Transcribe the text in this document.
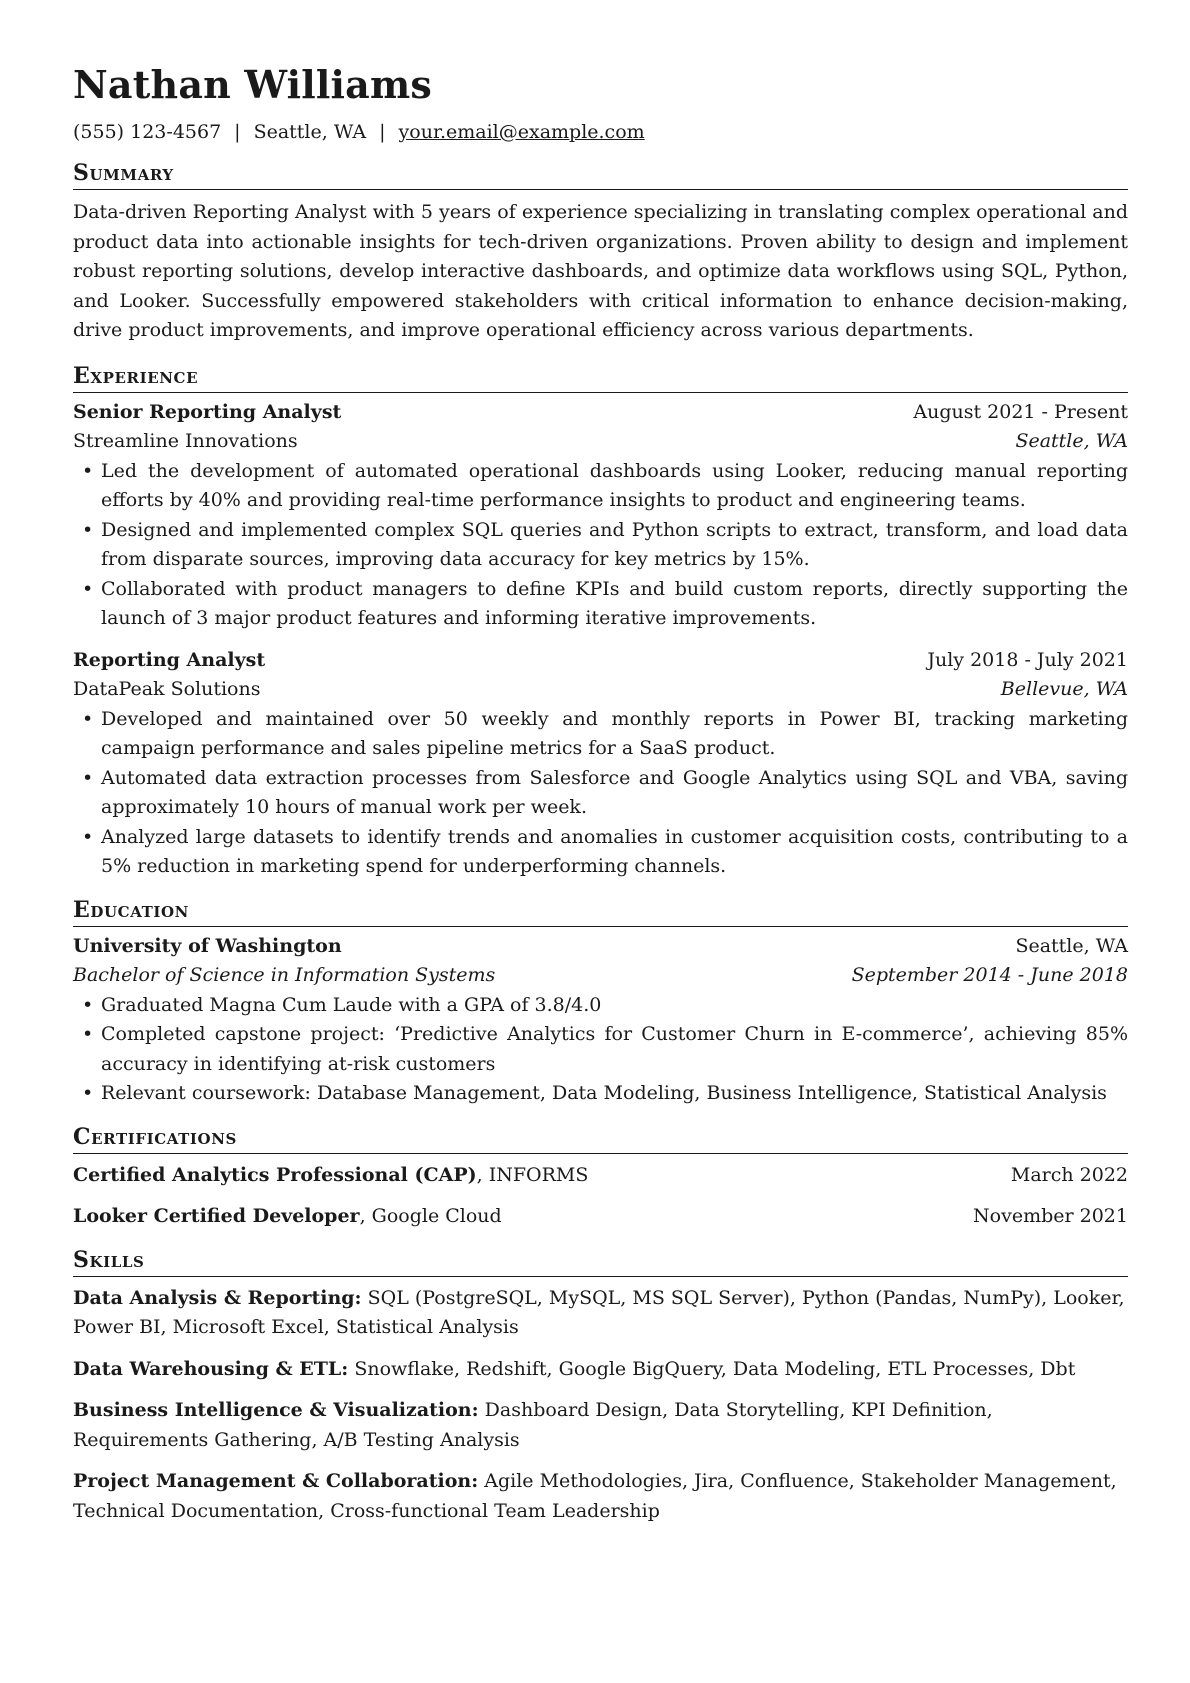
Nathan Williams
(555) 123-4567 | Seattle, WA | your.email@example.com
Summary
Data-driven Reporting Analyst with 5 years of experience specializing in translating complex operational and product data into actionable insights for tech-driven organizations. Proven ability to design and implement robust reporting solutions, develop interactive dashboards, and optimize data workflows using SQL, Python, and Looker. Successfully empowered stakeholders with critical information to enhance decision-making, drive product improvements, and improve operational efficiency across various departments.
Experience
Senior Reporting Analyst	August 2021 - Present
Streamline Innovations	Seattle, WA
• Led the development of automated operational dashboards using Looker, reducing manual reporting efforts by 40% and providing real-time performance insights to product and engineering teams.
• Designed and implemented complex SQL queries and Python scripts to extract, transform, and load data from disparate sources, improving data accuracy for key metrics by 15%.
• Collaborated with product managers to define KPIs and build custom reports, directly supporting the launch of 3 major product features and informing iterative improvements.
Reporting Analyst	July 2018 - July 2021
DataPeak Solutions	Bellevue, WA
• Developed and maintained over 50 weekly and monthly reports in Power BI, tracking marketing campaign performance and sales pipeline metrics for a SaaS product.
• Automated data extraction processes from Salesforce and Google Analytics using SQL and VBA, saving approximately 10 hours of manual work per week.
• Analyzed large datasets to identify trends and anomalies in customer acquisition costs, contributing to a 5% reduction in marketing spend for underperforming channels.
Education
University of Washington	Seattle, WA
Bachelor of Science in Information Systems	September 2014 - June 2018
• Graduated Magna Cum Laude with a GPA of 3.8/4.0
• Completed capstone project: ‘Predictive Analytics for Customer Churn in E-commerce’, achieving 85% accuracy in identifying at-risk customers
• Relevant coursework: Database Management, Data Modeling, Business Intelligence, Statistical Analysis
Certifications
Certified Analytics Professional (CAP), INFORMS	March 2022
Looker Certified Developer, Google Cloud	November 2021
Skills
Data Analysis & Reporting: SQL (PostgreSQL, MySQL, MS SQL Server), Python (Pandas, NumPy), Looker, Power BI, Microsoft Excel, Statistical Analysis
Data Warehousing & ETL: Snowflake, Redshift, Google BigQuery, Data Modeling, ETL Processes, Dbt
Business Intelligence & Visualization: Dashboard Design, Data Storytelling, KPI Definition, Requirements Gathering, A/B Testing Analysis
Project Management & Collaboration: Agile Methodologies, Jira, Confluence, Stakeholder Management, Technical Documentation, Cross-functional Team Leadership
